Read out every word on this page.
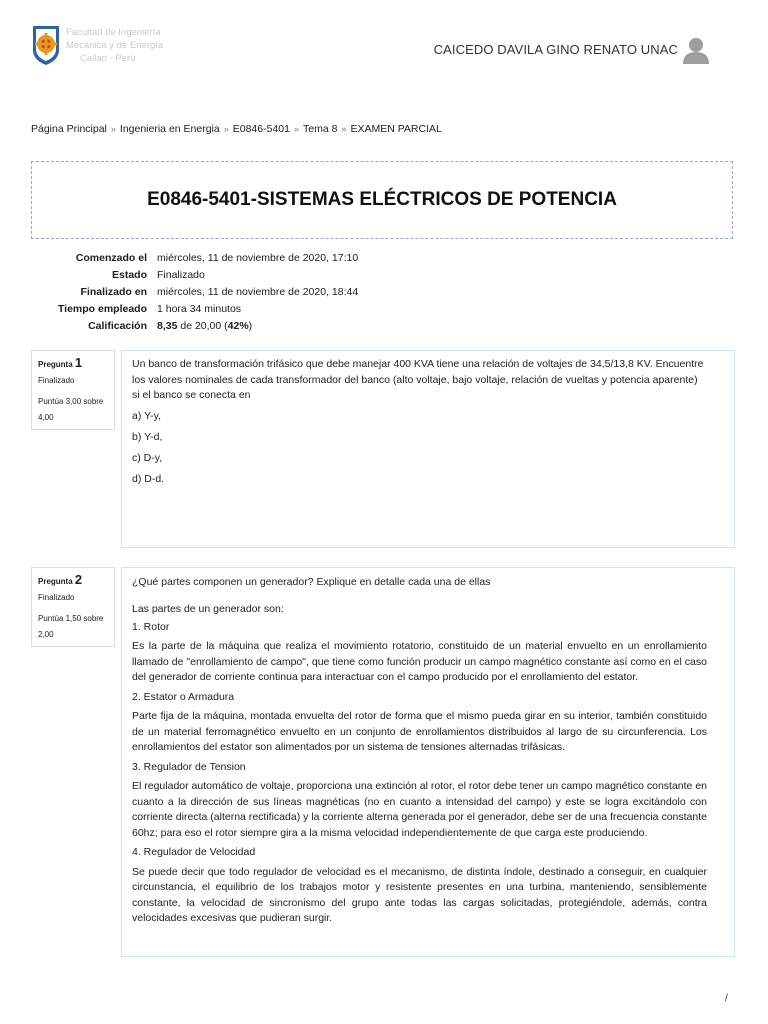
Facultad de Ingeniería
Mecánica y de Energía
Callao - Perú
CAICEDO DAVILA GINO RENATO UNAC
Página Principal » Ingenieria en Energia » E0846-5401 » Tema 8 » EXAMEN PARCIAL
E0846-5401-SISTEMAS ELÉCTRICOS DE POTENCIA
Comenzado el	miércoles, 11 de noviembre de 2020, 17:10
Estado	Finalizado
Finalizado en	miércoles, 11 de noviembre de 2020, 18:44
Tiempo empleado	1 hora 34 minutos
Calificación	8,35 de 20,00 (42%)
Pregunta 1
Finalizado
Puntúa 3,00 sobre
4,00

Un banco de transformación trifásico que debe manejar 400 KVA tiene una relación de voltajes de 34,5/13,8 KV. Encuentre los valores nominales de cada transformador del banco (alto voltaje, bajo voltaje, relación de vueltas y potencia aparente) si el banco se conecta en

a) Y-y,

b) Y-d,

c) D-y,

d) D-d.

Pregunta 2
Finalizado
Puntúa 1,50 sobre
2,00

¿Qué partes componen un generador? Explique en detalle cada una de ellas

Las partes de un generador son:

1. Rotor

Es la parte de la máquina que realiza el movimiento rotatorio, constituido de un material envuelto en un enrollamiento llamado de "enrollamiento de campo", que tiene como función producir un campo magnético constante así como en el caso del generador de corriente continua para interactuar con el campo producido por el enrollamiento del estator.

2. Estator o Armadura

Parte fija de la máquina, montada envuelta del rotor de forma que el mismo pueda girar en su interior, también constituido de un material ferromagnético envuelto en un conjunto de enrollamientos distribuidos al largo de su circunferencia. Los enrollamientos del estator son alimentados por un sistema de tensiones alternadas trifásicas.

3. Regulador de Tension

El regulador automático de voltaje, proporciona una extinción al rotor, el rotor debe tener un campo magnético constante en cuanto a la dirección de sus líneas magnéticas (no en cuanto a intensidad del campo) y este se logra excitándolo con corriente directa (alterna rectificada) y la corriente alterna generada por el generador, debe ser de una frecuencia constante 60hz; para eso el rotor siempre gira a la misma velocidad independientemente de que carga este produciendo.

4. Regulador de Velocidad

Se puede decir que todo regulador de velocidad es el mecanismo, de distinta índole, destinado a conseguir, en cualquier circunstancia, el equilibrio de los trabajos motor y resistente presentes en una turbina, manteniendo, sensiblemente constante, la velocidad de sincronismo del grupo ante todas las cargas solicitadas, protegiéndole, además, contra velocidades excesivas que pudieran surgir.

/
